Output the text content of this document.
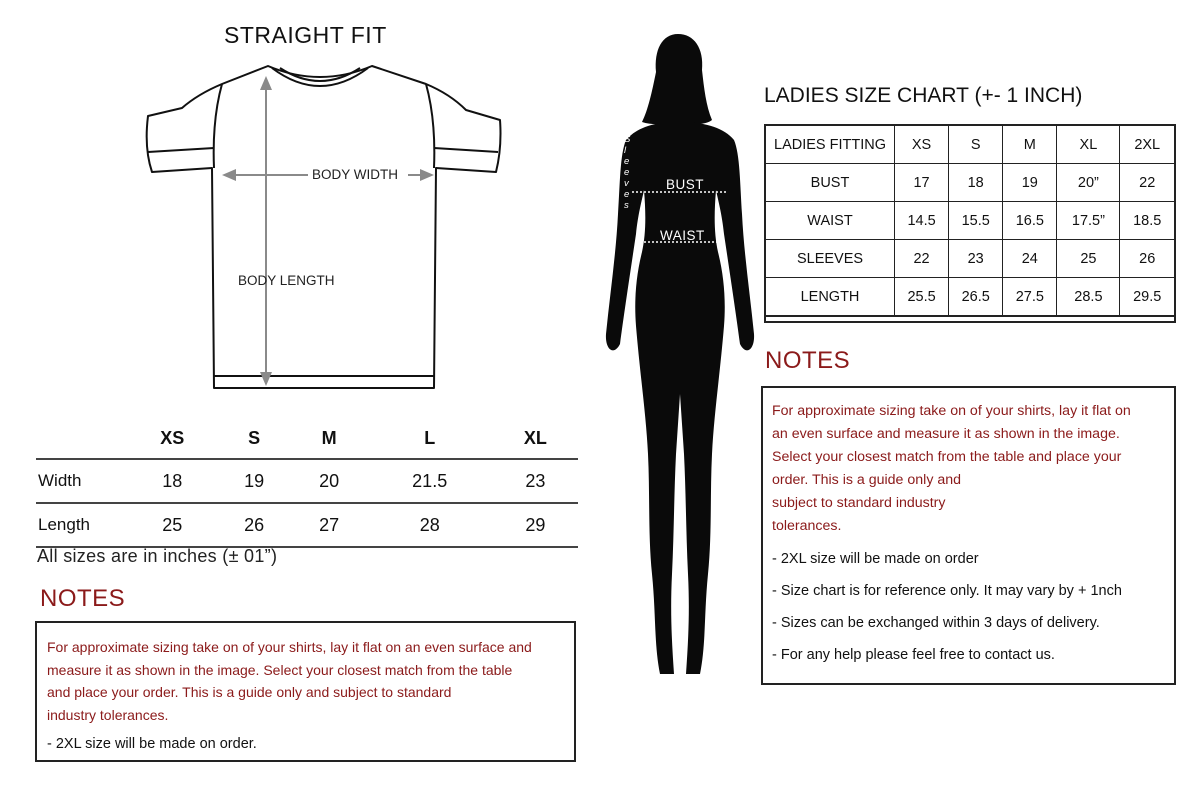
STRAIGHT FIT
BODY WIDTH
BODY LENGTH
	XS	S	M	L	XL
Width	18	19	20	21.5	23
Length	25	26	27	28	29
All sizes are in inches (± 01”)
NOTES
For approximate sizing take on of your shirts, lay it flat on an even surface and
measure it as shown in the image. Select your closest match from the table
and place your order. This is a guide only and subject to standard
industry tolerances.
- 2XL size will be made on order.
BUST
WAIST
S
l
e
e
v
e
s
LADIES SIZE CHART (+- 1 INCH)
LADIES FITTING	XS	S	M	XL	2XL
BUST	17	18	19	20”	22
WAIST	14.5	15.5	16.5	17.5”	18.5
SLEEVES	22	23	24	25	26
LENGTH	25.5	26.5	27.5	28.5	29.5
NOTES
For approximate sizing take on of your shirts, lay it flat on
an even surface and measure it as shown in the image.
Select your closest match from the table and place your
order. This is a guide only and
subject to standard industry
tolerances.
- 2XL size will be made on order
- Size chart is for reference only. It may vary by + 1nch
- Sizes can be exchanged within 3 days of delivery.
- For any help please feel free to contact us.
